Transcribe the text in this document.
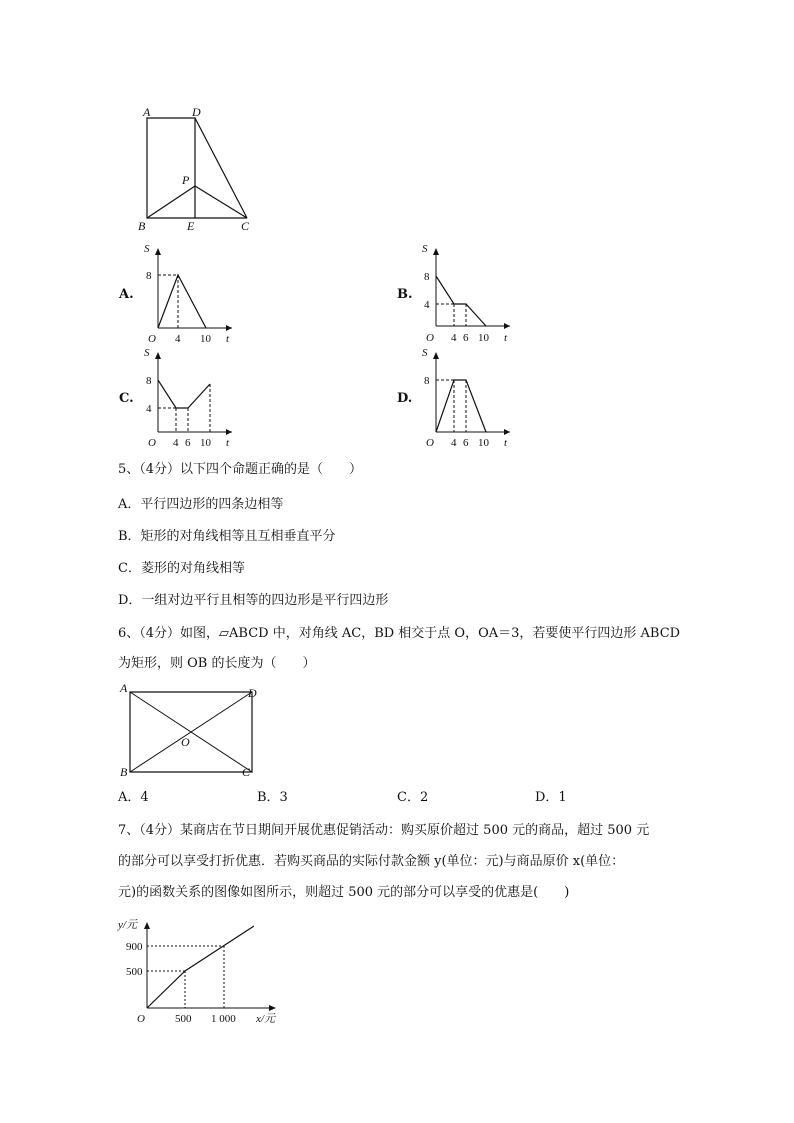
A	D
P
B	E	C
A.
S
t
O
8
4 10
B.
S
t
O
8
4
4 6 10
C.
S
t
O
8
4
4 6 10
D.
S
t
O
8
4 6 10
5、（4分）以下四个命题正确的是（　　）
A．平行四边形的四条边相等
B．矩形的对角线相等且互相垂直平分
C．菱形的对角线相等
D．一组对边平行且相等的四边形是平行四边形
6、（4分）如图，▱ABCD 中，对角线 AC，BD 相交于点 O，OA＝3，若要使平行四边形 ABCD
为矩形，则 OB 的长度为（　　）
A	D
O
B	C
A．4	B．3	C．2	D．1
7、（4分）某商店在节日期间开展优惠促销活动：购买原价超过 500 元的商品，超过 500 元
的部分可以享受打折优惠．若购买商品的实际付款金额 y(单位：元)与商品原价 x(单位：
元)的函数关系的图像如图所示，则超过 500 元的部分可以享受的优惠是(　　)
y/元
x/元
O
900
500
500 1 000
